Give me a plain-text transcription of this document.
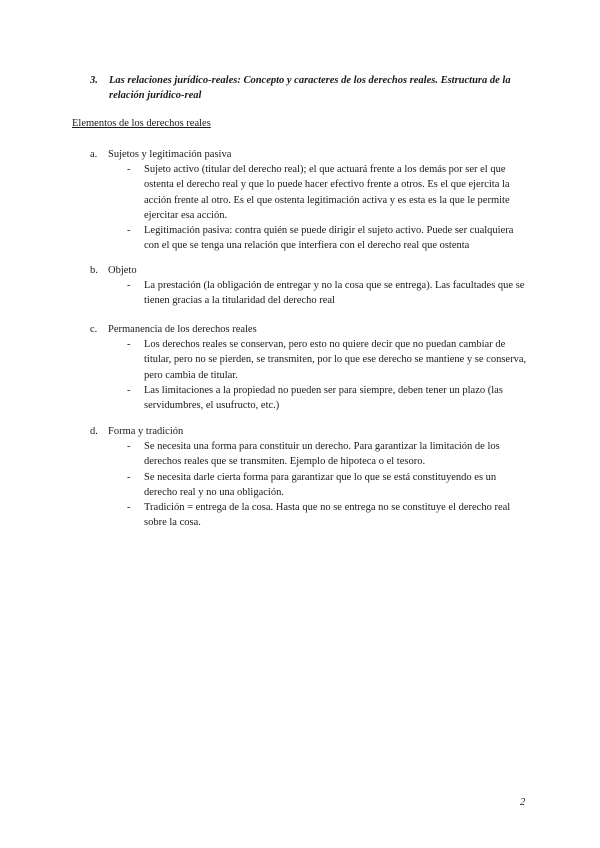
3. Las relaciones jurídico-reales: Concepto y caracteres de los derechos reales. Estructura de la relación jurídico-real
Elementos de los derechos reales
a. Sujetos y legitimación pasiva
- Sujeto activo (titular del derecho real); el que actuará frente a los demás por ser el que ostenta el derecho real y que lo puede hacer efectivo frente a otros. Es el que ejercita la acción frente al otro. Es el que ostenta legitimación activa y es esta es la que le permite ejercitar esa acción.
- Legitimación pasiva: contra quién se puede dirigir el sujeto activo. Puede ser cualquiera con el que se tenga una relación que interfiera con el derecho real que ostenta
b. Objeto
- La prestación (la obligación de entregar y no la cosa que se entrega). Las facultades que se tienen gracias a la titularidad del derecho real
c. Permanencia de los derechos reales
- Los derechos reales se conservan, pero esto no quiere decir que no puedan cambiar de titular, pero no se pierden, se transmiten, por lo que ese derecho se mantiene y se conserva, pero cambia de titular.
- Las limitaciones a la propiedad no pueden ser para siempre, deben tener un plazo (las servidumbres, el usufructo, etc.)
d. Forma y tradición
- Se necesita una forma para constituir un derecho. Para garantizar la limitación de los derechos reales que se transmiten. Ejemplo de hipoteca o el tesoro.
- Se necesita darle cierta forma para garantizar que lo que se está constituyendo es un derecho real y no una obligación.
- Tradición = entrega de la cosa. Hasta que no se entrega no se constituye el derecho real sobre la cosa.
2
